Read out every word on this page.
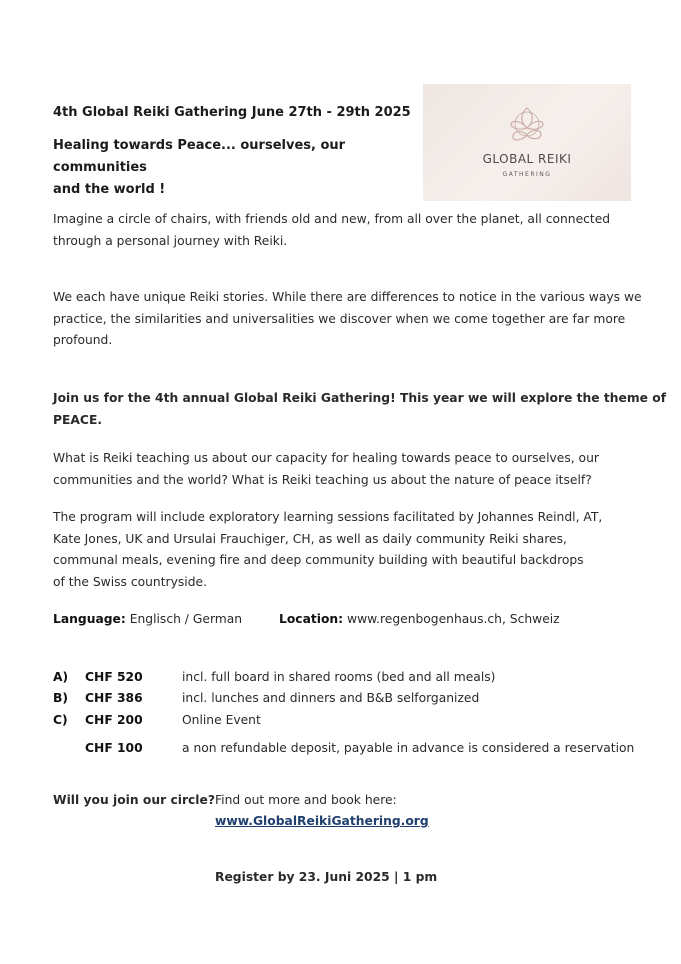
4th Global Reiki Gathering June 27th - 29th 2025
Healing towards Peace... ourselves, our communities
and the world !
GLOBAL REIKI
GATHERING
Imagine a circle of chairs, with friends old and new, from all over the planet, all connected
through a personal journey with Reiki.
We each have unique Reiki stories. While there are differences to notice in the various ways we
practice, the similarities and universalities we discover when we come together are far more
profound.
Join us for the 4th annual Global Reiki Gathering! This year we will explore the theme of
PEACE.
What is Reiki teaching us about our capacity for healing towards peace to ourselves, our
communities and the world? What is Reiki teaching us about the nature of peace itself?
The program will include exploratory learning sessions facilitated by Johannes Reindl, AT,
Kate Jones, UK and Ursulai Frauchiger, CH, as well as daily community Reiki shares,
communal meals, evening fire and deep community building with beautiful backdrops
of the Swiss countryside.
Language: Englisch / German	Location: www.regenbogenhaus.ch, Schweiz
A) CHF 520	incl. full board in shared rooms (bed and all meals)
B) CHF 386	incl. lunches and dinners and B&B selforganized
C) CHF 200	Online Event
CHF 100	a non refundable deposit, payable in advance is considered a reservation
Will you join our circle? Find out more and book here:
www.GlobalReikiGathering.org
Register by 23. Juni 2025 | 1 pm
